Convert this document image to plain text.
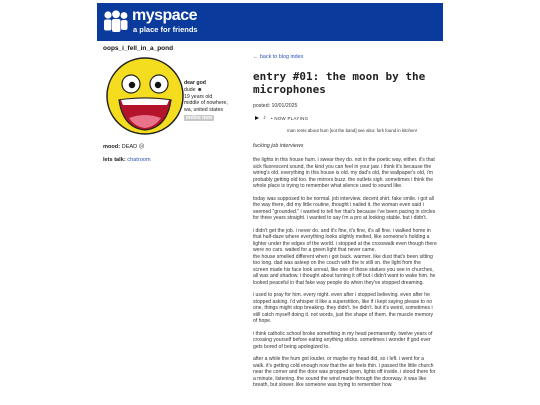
myspace
a place for friends
oops_i_fell_in_a_pond
dear god
dude ☻
19 years old
middle of nowhere,
wa, united states
online now
mood: DEAD ☹
lets talk: chatroom
← back to blog index
entry #01: the moon by the microphones
posted: 10/01/2025
♪ • NOW PLAYING
man rents about hum [not the band] see also: fork found in kitchen!
fucking job interviews

the lights in this house hum. i swear they do. not in the poetic way, either. it's that sick fluorescent sound, the kind you can feel in your jaw. i think it's because the wiring's old. everything in this house is old. my dad's old, the wallpaper's old, i'm probably getting old too. the mirrors buzz. the outlets sigh. sometimes i think the whole place is trying to remember what silence used to sound like.

today was supposed to be normal. job interview. decent shirt. fake smile. i got all the way there, did my little routine, thought i nailed it. the woman even said i seemed "grounded." i wanted to tell her that's because i've been pacing in circles for three years straight. i wanted to say i'm a pro at looking stable. but i didn't.

i didn't get the job. i never do. and it's fine, it's fine, it's all fine. i walked home in that half-daze where everything looks slightly melted, like someone's holding a lighter under the edges of the world. i stopped at the crosswalk even though there were no cars. waited for a green light that never came.
the house smelled different when i got back. warmer. like dust that's been sitting too long. dad was asleep on the couch with the tv still on. the light from the screen made his face look unreal, like one of those statues you see in churches, all wax and shadow. i thought about turning it off but i didn't want to wake him. he looked peaceful in that fake way people do when they've stopped dreaming.

i used to pray for him. every night. even after i stopped believing. even after he stopped asking. i'd whisper it like a superstition, like if i kept saying please to no one, things might stop breaking. they didn't. he didn't. but it's weird, sometimes i still catch myself doing it. not words, just the shape of them. the muscle memory of hope.

i think catholic school broke something in my head permanently. twelve years of crossing yourself before eating anything sticks. sometimes i wonder if god ever gets bored of being apologized to.

after a while the hum got louder, or maybe my head did, so i left. i went for a walk. it's getting cold enough now that the air feels thin. i passed the little church near the corner and the door was propped open, lights off inside. i stood there for a minute, listening. the sound the wind made through the doorway. it was like breath, but slower. like someone was trying to remember how.
